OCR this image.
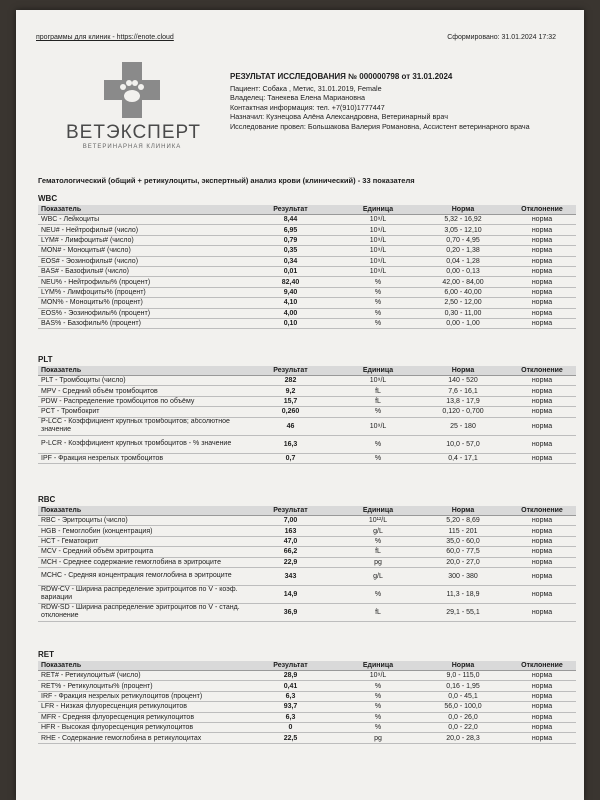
программы для клиник - https://enote.cloud	Сформировано: 31.01.2024 17:32
ВЕТЭКСПЕРТ
ВЕТЕРИНАРНАЯ КЛИНИКА
РЕЗУЛЬТАТ ИССЛЕДОВАНИЯ № 000000798 от 31.01.2024
Пациент: Собака , Метис, 31.01.2019, Female
Владелец: Танекева Елена Мариановна
Контактная информация: тел. +7(910)1777447
Назначил: Кузнецова Алёна Александровна, Ветеринарный врач
Исследование провел: Большакова Валерия Романовна, Ассистент ветеринарного врача
Гематологический (общий + ретикулоциты, экспертный) анализ крови (клинический) - 33 показателя
WBC
Показатель	Результат	Единица	Норма	Отклонение
WBC - Лейкоциты	8,44	10⁹/L	5,32 - 16,92	норма
NEU# - Нейтрофилы# (число)	6,95	10⁹/L	3,05 - 12,10	норма
LYM# - Лимфоциты# (число)	0,79	10⁹/L	0,70 - 4,95	норма
MON# - Моноциты# (число)	0,35	10⁹/L	0,20 - 1,38	норма
EOS# - Эозинофилы# (число)	0,34	10⁹/L	0,04 - 1,28	норма
BAS# - Базофилы# (число)	0,01	10⁹/L	0,00 - 0,13	норма
NEU% - Нейтрофилы% (процент)	82,40	%	42,00 - 84,00	норма
LYM% - Лимфоциты% (процент)	9,40	%	6,00 - 40,00	норма
MON% - Моноциты% (процент)	4,10	%	2,50 - 12,00	норма
EOS% - Эозинофилы% (процент)	4,00	%	0,30 - 11,00	норма
BAS% - Базофилы% (процент)	0,10	%	0,00 - 1,00	норма
PLT
Показатель	Результат	Единица	Норма	Отклонение
PLT - Тромбоциты (число)	282	10⁹/L	140 - 520	норма
MPV - Средний объём тромбоцитов	9,2	fL	7,6 - 16,1	норма
PDW - Распределение тромбоцитов по объёму	15,7	fL	13,8 - 17,9	норма
PCT - Тромбокрит	0,260	%	0,120 - 0,700	норма
P-LCC - Коэффициент крупных тромбоцитов; абсолютное значение	46	10⁹/L	25 - 180	норма
P-LCR - Коэффициент крупных тромбоцитов - % значение	16,3	%	10,0 - 57,0	норма
IPF - Фракция незрелых тромбоцитов	0,7	%	0,4 - 17,1	норма
RBC
Показатель	Результат	Единица	Норма	Отклонение
RBC - Эритроциты (число)	7,00	10¹²/L	5,20 - 8,69	норма
HGB - Гемоглобин (концентрация)	163	g/L	115 - 201	норма
HCT - Гематокрит	47,0	%	35,0 - 60,0	норма
MCV - Средний объём эритроцита	66,2	fL	60,0 - 77,5	норма
MCH - Среднее содержание гемоглобина в эритроците	22,9	pg	20,0 - 27,0	норма
MCHC - Средняя концентрация гемоглобина в эритроците	343	g/L	300 - 380	норма
RDW-CV - Ширина распределение эритроцитов по V - коэф. вариации	14,9	%	11,3 - 18,9	норма
RDW-SD - Ширина распределение эритроцитов по V - станд. отклонение	36,9	fL	29,1 - 55,1	норма
RET
Показатель	Результат	Единица	Норма	Отклонение
RET# - Ретикулоциты# (число)	28,9	10⁹/L	9,0 - 115,0	норма
RET% - Ретикулоциты% (процент)	0,41	%	0,16 - 1,95	норма
IRF - Фракция незрелых ретикулоцитов (процент)	6,3	%	0,0 - 45,1	норма
LFR - Низкая флуоресценция ретикулоцитов	93,7	%	56,0 - 100,0	норма
MFR - Средняя флуоресценция ретикулоцитов	6,3	%	0,0 - 26,0	норма
HFR - Высокая флуоресценция ретикулоцитов	0	%	0,0 - 22,0	норма
RHE - Содержание гемоглобина в ретикулоцитах	22,5	pg	20,0 - 28,3	норма
